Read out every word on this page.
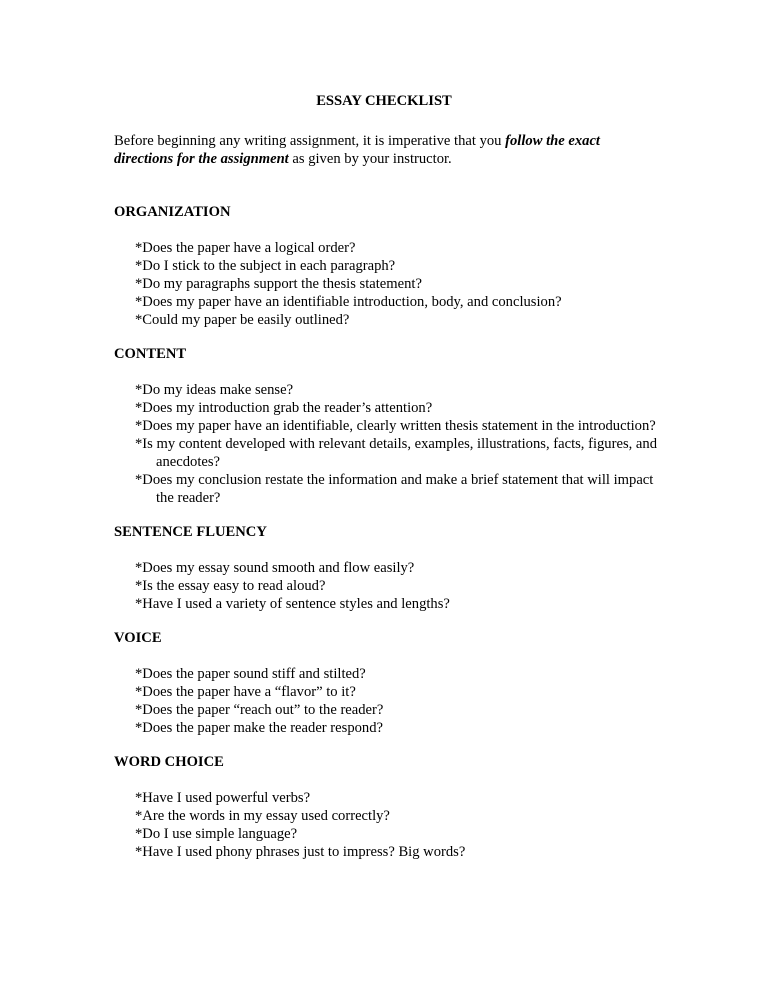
ESSAY CHECKLIST

Before beginning any writing assignment, it is imperative that you follow the exact directions for the assignment as given by your instructor.

ORGANIZATION

*Does the paper have a logical order?
*Do I stick to the subject in each paragraph?
*Do my paragraphs support the thesis statement?
*Does my paper have an identifiable introduction, body, and conclusion?
*Could my paper be easily outlined?

CONTENT

*Do my ideas make sense?
*Does my introduction grab the reader’s attention?
*Does my paper have an identifiable, clearly written thesis statement in the introduction?
*Is my content developed with relevant details, examples, illustrations, facts, figures, and anecdotes?
*Does my conclusion restate the information and make a brief statement that will impact the reader?

SENTENCE FLUENCY

*Does my essay sound smooth and flow easily?
*Is the essay easy to read aloud?
*Have I used a variety of sentence styles and lengths?

VOICE

*Does the paper sound stiff and stilted?
*Does the paper have a “flavor” to it?
*Does the paper “reach out” to the reader?
*Does the paper make the reader respond?

WORD CHOICE

*Have I used powerful verbs?
*Are the words in my essay used correctly?
*Do I use simple language?
*Have I used phony phrases just to impress? Big words?
